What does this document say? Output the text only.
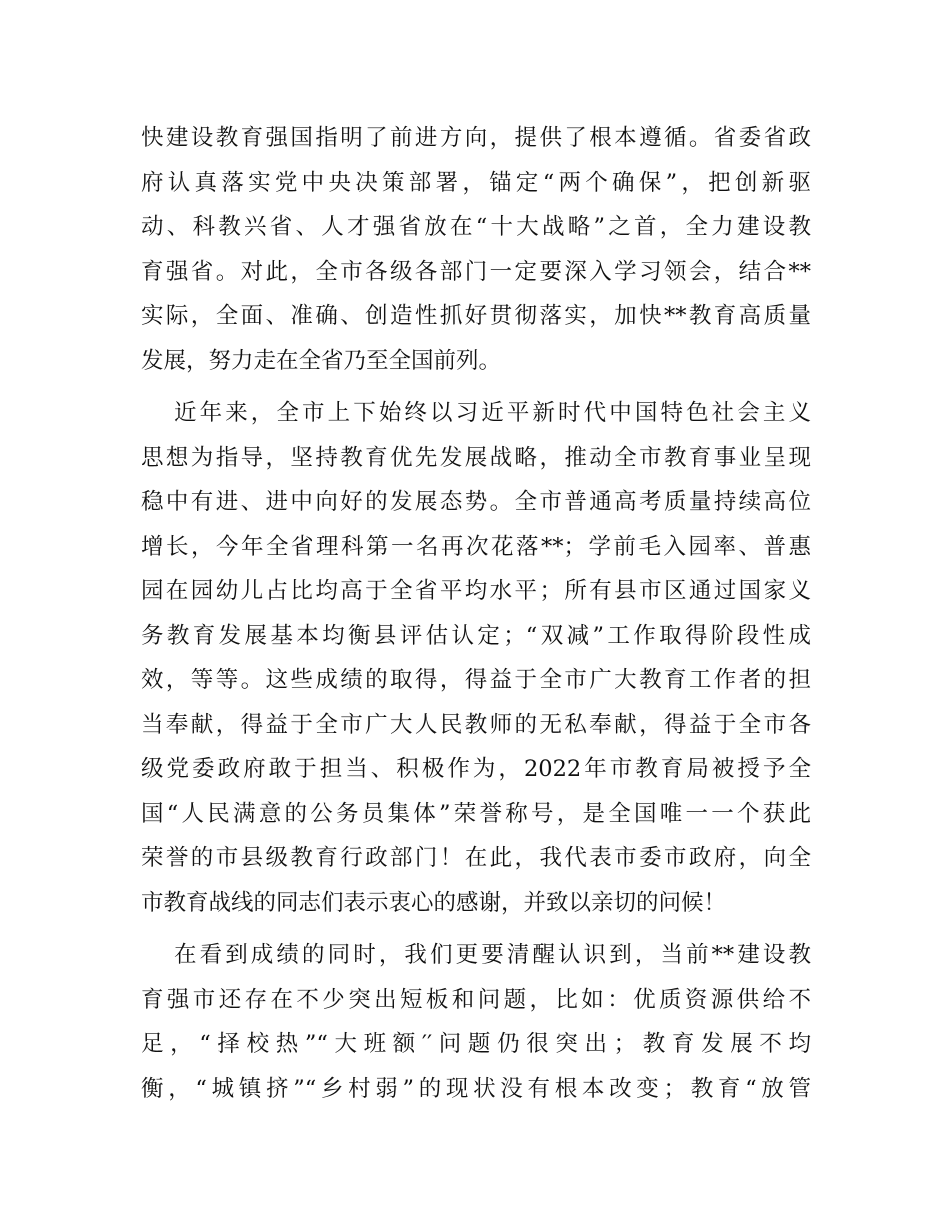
快建设教育强国指明了前进方向，提供了根本遵循。省委省政
府认真落实党中央决策部署，锚定“两个确保”，把创新驱
动、科教兴省、人才强省放在“十大战略”之首，全力建设教
育强省。对此，全市各级各部门一定要深入学习领会，结合**
实际，全面、准确、创造性抓好贯彻落实，加快**教育高质量
发展，努力走在全省乃至全国前列。
近年来，全市上下始终以习近平新时代中国特色社会主义
思想为指导，坚持教育优先发展战略，推动全市教育事业呈现
稳中有进、进中向好的发展态势。全市普通高考质量持续高位
增长，今年全省理科第一名再次花落**；学前毛入园率、普惠
园在园幼儿占比均高于全省平均水平；所有县市区通过国家义
务教育发展基本均衡县评估认定；“双减”工作取得阶段性成
效，等等。这些成绩的取得，得益于全市广大教育工作者的担
当奉献，得益于全市广大人民教师的无私奉献，得益于全市各
级党委政府敢于担当、积极作为，2022年市教育局被授予全
国“人民满意的公务员集体”荣誉称号，是全国唯一一个获此
荣誉的市县级教育行政部门！在此，我代表市委市政府，向全
市教育战线的同志们表示衷心的感谢，并致以亲切的问候！
在看到成绩的同时，我们更要清醒认识到，当前**建设教
育强市还存在不少突出短板和问题，比如：优质资源供给不
足，“择校热”“大班额′′问题仍很突出；教育发展不均
衡，“城镇挤”“乡村弱”的现状没有根本改变；教育“放管
